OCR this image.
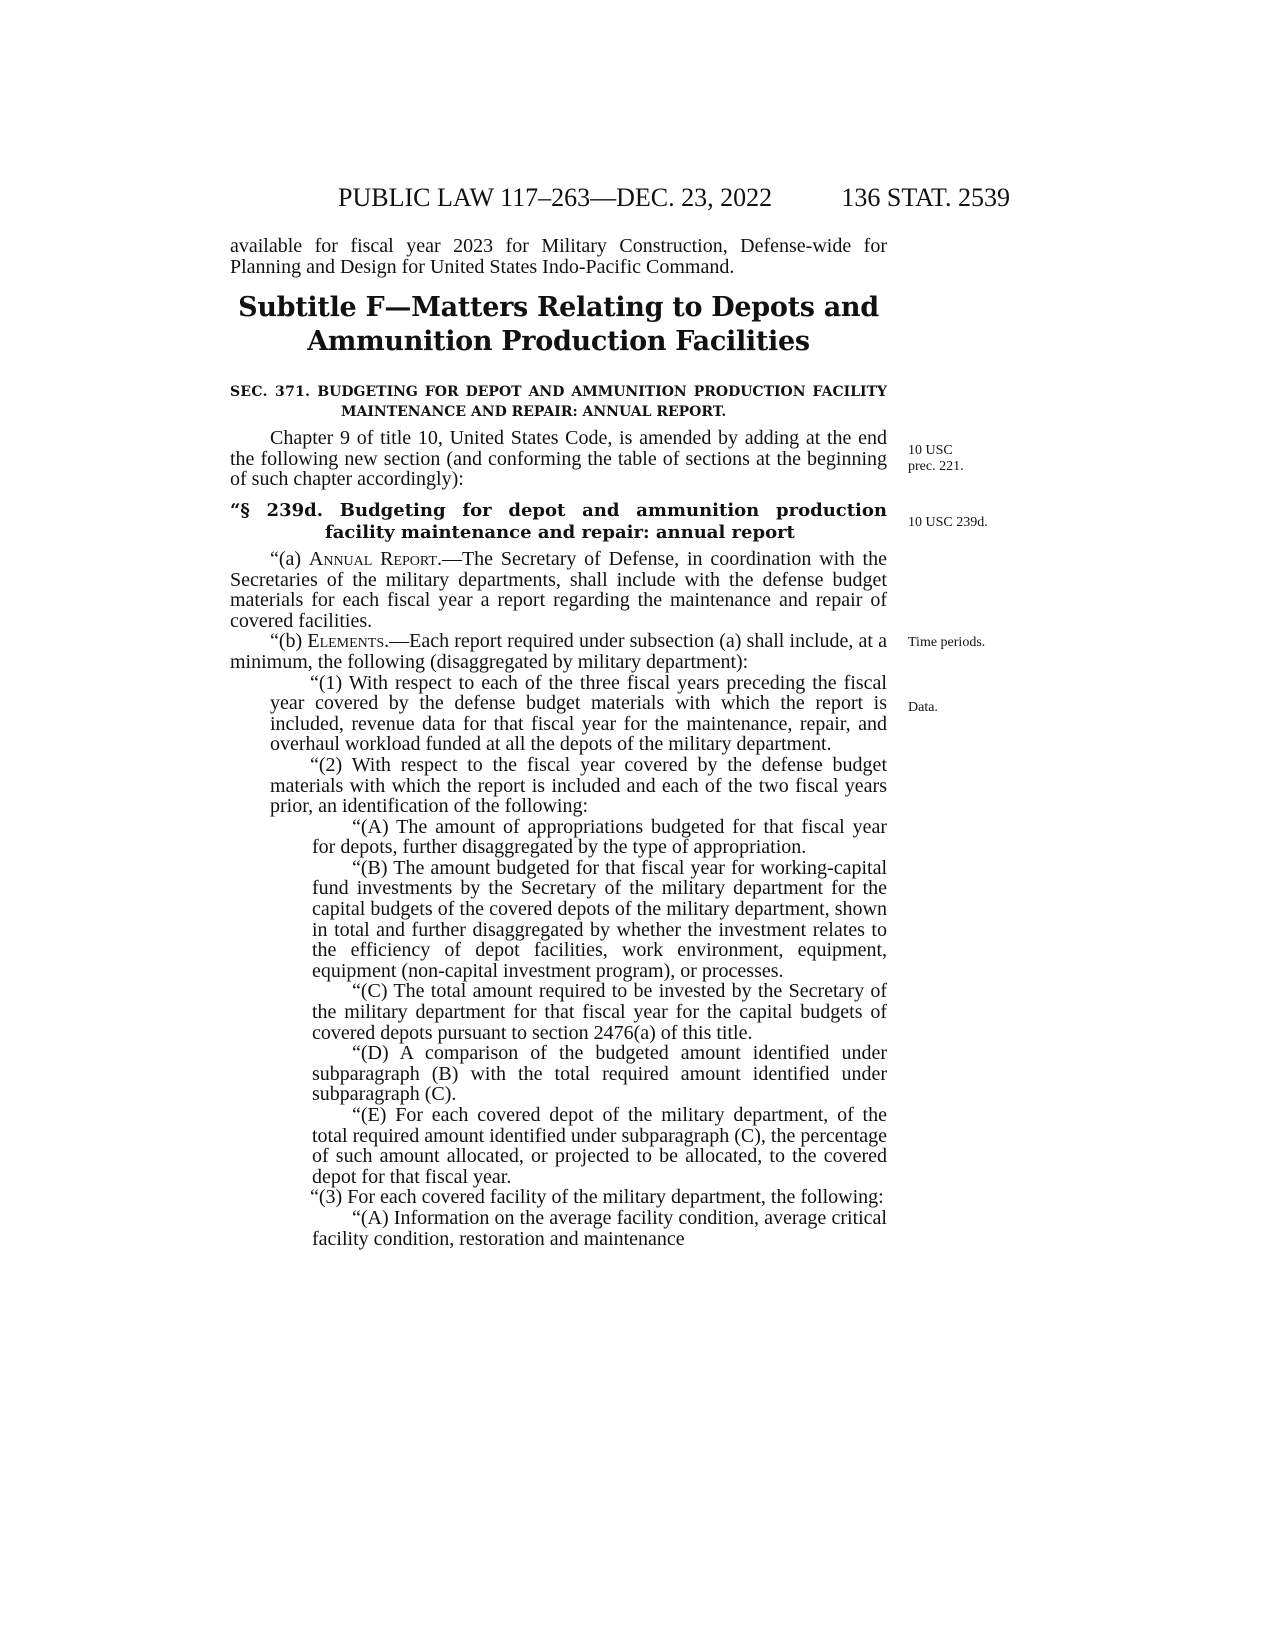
PUBLIC LAW 117–263—DEC. 23, 2022	136 STAT. 2539

available for fiscal year 2023 for Military Construction, Defense-wide for Planning and Design for United States Indo-Pacific Command.

Subtitle F—Matters Relating to Depots and
Ammunition Production Facilities

SEC. 371. BUDGETING FOR DEPOT AND AMMUNITION PRODUCTION FACILITY MAINTENANCE AND REPAIR: ANNUAL REPORT.

Chapter 9 of title 10, United States Code, is amended by adding at the end the following new section (and conforming the table of sections at the beginning of such chapter accordingly):

“§ 239d. Budgeting for depot and ammunition production facility maintenance and repair: annual report

“(a) Annual Report.—The Secretary of Defense, in coordination with the Secretaries of the military departments, shall include with the defense budget materials for each fiscal year a report regarding the maintenance and repair of covered facilities.

“(b) Elements.—Each report required under subsection (a) shall include, at a minimum, the following (disaggregated by military department):

“(1) With respect to each of the three fiscal years preceding the fiscal year covered by the defense budget materials with which the report is included, revenue data for that fiscal year for the maintenance, repair, and overhaul workload funded at all the depots of the military department.

“(2) With respect to the fiscal year covered by the defense budget materials with which the report is included and each of the two fiscal years prior, an identification of the following:

“(A) The amount of appropriations budgeted for that fiscal year for depots, further disaggregated by the type of appropriation.

“(B) The amount budgeted for that fiscal year for working-capital fund investments by the Secretary of the military department for the capital budgets of the covered depots of the military department, shown in total and further disaggregated by whether the investment relates to the efficiency of depot facilities, work environment, equipment, equipment (non-capital investment program), or processes.

“(C) The total amount required to be invested by the Secretary of the military department for that fiscal year for the capital budgets of covered depots pursuant to section 2476(a) of this title.

“(D) A comparison of the budgeted amount identified under subparagraph (B) with the total required amount identified under subparagraph (C).

“(E) For each covered depot of the military department, of the total required amount identified under subparagraph (C), the percentage of such amount allocated, or projected to be allocated, to the covered depot for that fiscal year.

“(3) For each covered facility of the military department, the following:

“(A) Information on the average facility condition, average critical facility condition, restoration and maintenance

10 USC
prec. 221.
10 USC 239d.
Time periods.
Data.
